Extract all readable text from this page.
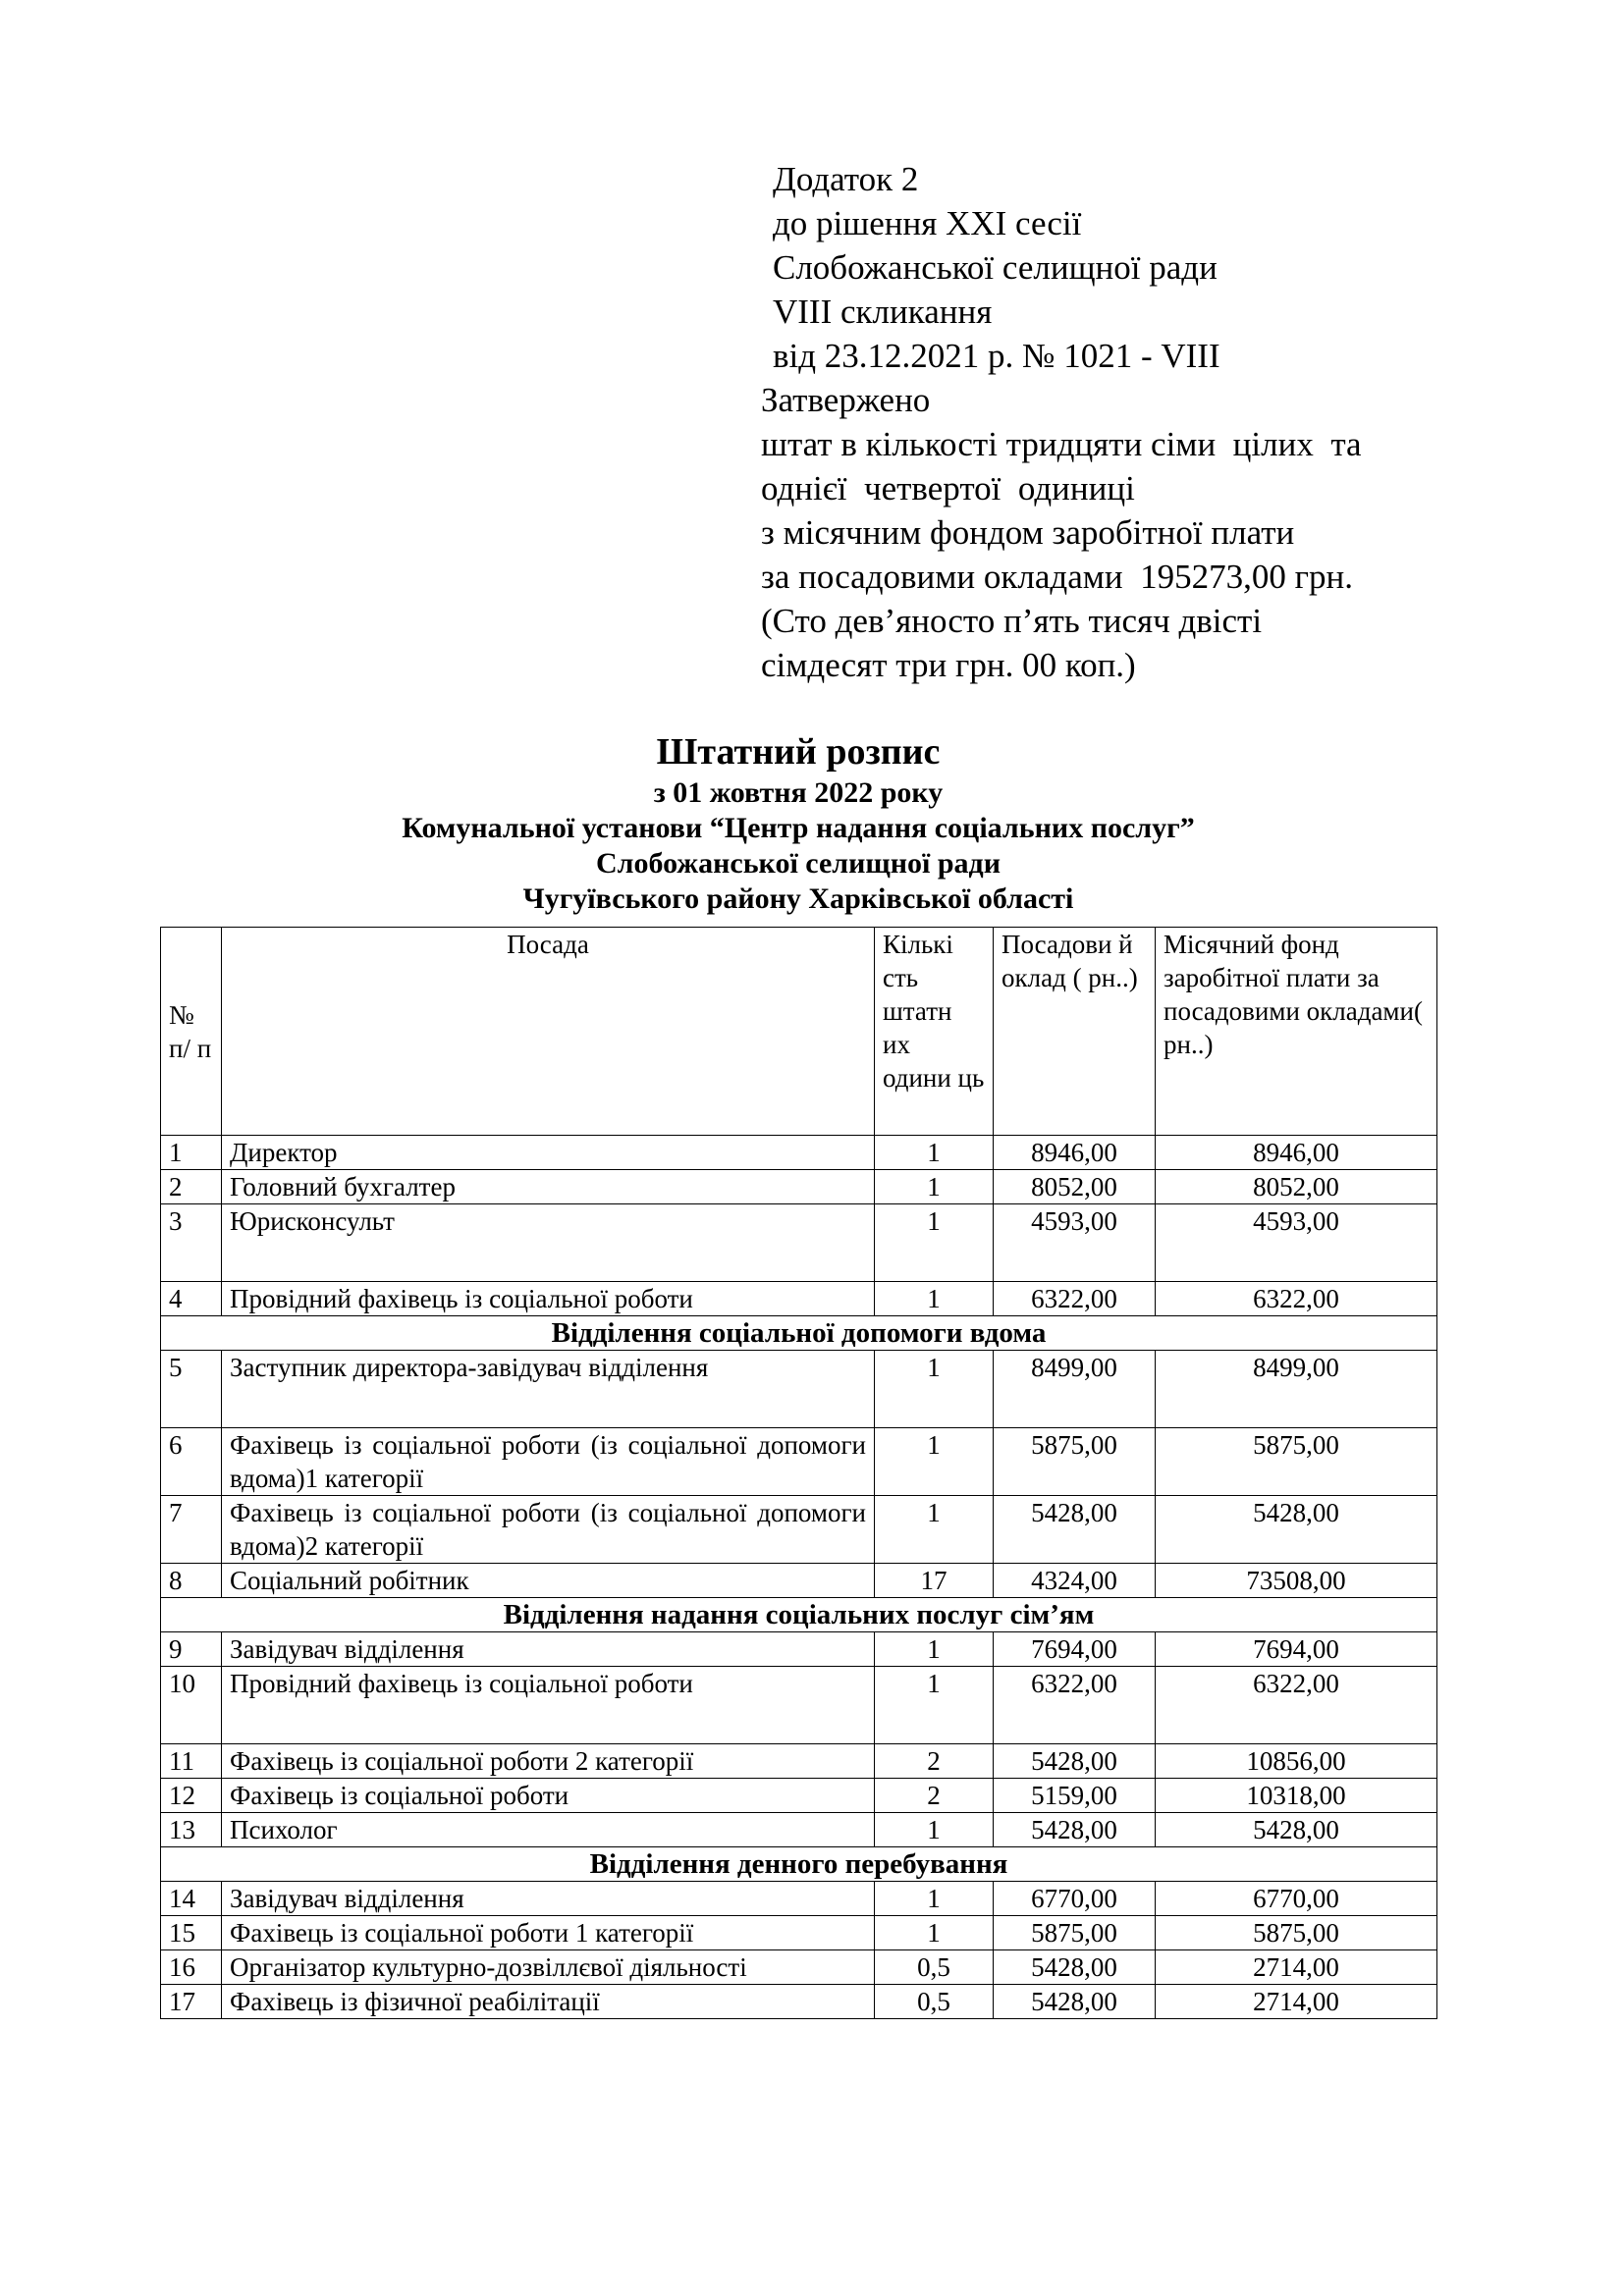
Додаток 2
до рішення XXI сесії
Слобожанської селищної ради
VIII скликання
від 23.12.2021 р. № 1021 - VIII
Затвержено
штат в кількості тридцяти сіми  цілих  та
однієї  четвертої  одиниці
з місячним фондом заробітної плати
за посадовими окладами  195273,00 грн.
(Сто дев’яносто п’ять тисяч двісті
сімдесят три грн. 00 коп.)
Штатний розпис
з 01 жовтня 2022 року
Комунальної установи “Центр надання соціальних послуг”
Слобожанської селищної ради
Чугуївського району Харківської області
№ п/ п	Посада	Кількі сть штатн их одини ць	Посадови й оклад ( рн..)	Місячний фонд заробітної плати за посадовими окладами( рн..)
1	Директор	1	8946,00	8946,00
2	Головний бухгалтер	1	8052,00	8052,00
3	Юрисконсульт	1	4593,00	4593,00
4	Провідний фахівець із соціальної роботи	1	6322,00	6322,00
Відділення соціальної допомоги вдома				
5	Заступник директора-завідувач відділення	1	8499,00	8499,00
6	Фахівець із соціальної роботи (із соціальної допомоги вдома)1 категорії	1	5875,00	5875,00
7	Фахівець із соціальної роботи (із соціальної допомоги вдома)2 категорії	1	5428,00	5428,00
8	Соціальний робітник	17	4324,00	73508,00
Відділення надання соціальних послуг сім’ям				
9	Завідувач відділення	1	7694,00	7694,00
10	Провідний фахівець із соціальної роботи	1	6322,00	6322,00
11	Фахівець із соціальної роботи 2 категорії	2	5428,00	10856,00
12	Фахівець із соціальної роботи	2	5159,00	10318,00
13	Психолог	1	5428,00	5428,00
Відділення денного перебування				
14	Завідувач відділення	1	6770,00	6770,00
15	Фахівець із соціальної роботи 1 категорії	1	5875,00	5875,00
16	Організатор культурно-дозвіллєвої діяльності	0,5	5428,00	2714,00
17	Фахівець із фізичної реабілітації	0,5	5428,00	2714,00
